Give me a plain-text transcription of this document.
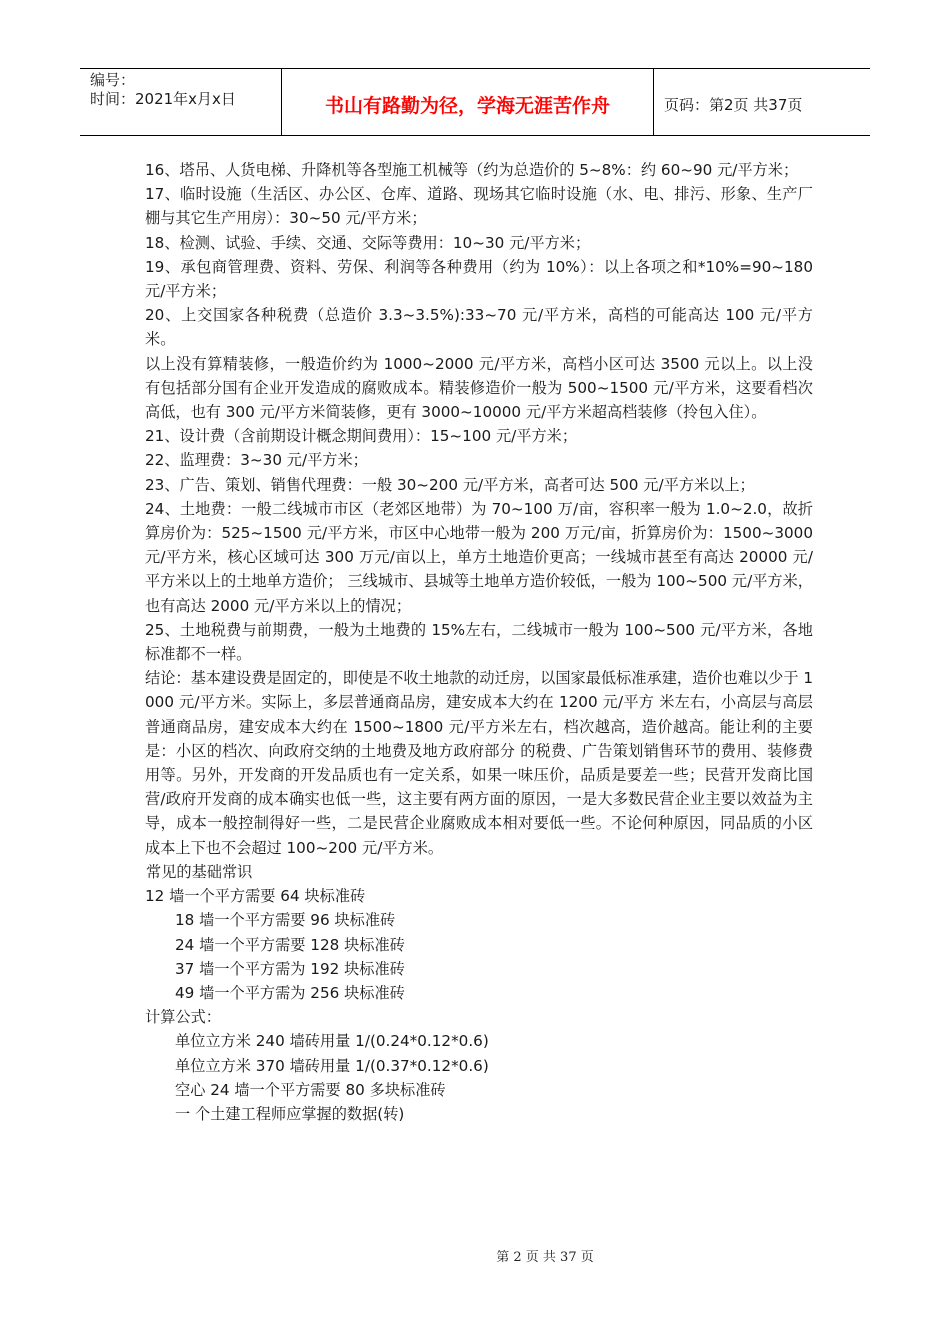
编号：
时间：2021年x月x日	书山有路勤为径，学海无涯苦作舟	页码：第2页 共37页

16、塔吊、人货电梯、升降机等各型施工机械等（约为总造价的 5~8%：约 60~90 元/平方米；

17、临时设施（生活区、办公区、仓库、道路、现场其它临时设施（水、电、排污、形象、生产厂棚与其它生产用房）：30~50 元/平方米；

18、检测、试验、手续、交通、交际等费用：10~30 元/平方米；

19、承包商管理费、资料、劳保、利润等各种费用（约为 10%）：以上各项之和*10%=90~180 元/平方米；

20、上交国家各种税费（总造价 3.3~3.5%):33~70 元/平方米，高档的可能高达 100 元/平方米。

以上没有算精装修，一般造价约为 1000~2000 元/平方米，高档小区可达 3500 元以上。以上没有包括部分国有企业开发造成的腐败成本。精装修造价一般为 500~1500 元/平方米，这要看档次高低，也有 300 元/平方米简装修，更有 3000~10000 元/平方米超高档装修（拎包入住）。

21、设计费（含前期设计概念期间费用）：15~100 元/平方米；

22、监理费：3~30 元/平方米；

23、广告、策划、销售代理费：一般 30~200 元/平方米，高者可达 500 元/平方米以上；

24、土地费：一般二线城市市区（老郊区地带）为 70~100 万/亩，容积率一般为 1.0~2.0，故折算房价为：525~1500 元/平方米，市区中心地带一般为 200 万元/亩，折算房价为：1500~3000 元/平方米，核心区域可达 300 万元/亩以上，单方土地造价更高；一线城市甚至有高达 20000 元/平方米以上的土地单方造价； 三线城市、县城等土地单方造价较低，一般为 100~500 元/平方米，也有高达 2000 元/平方米以上的情况；

25、土地税费与前期费，一般为土地费的 15%左右，二线城市一般为 100~500 元/平方米，各地标准都不一样。

结论：基本建设费是固定的，即使是不收土地款的动迁房，以国家最低标准承建，造价也难以少于 1000 元/平方米。实际上，多层普通商品房，建安成本大约在 1200 元/平方 米左右，小高层与高层普通商品房，建安成本大约在 1500~1800 元/平方米左右，档次越高，造价越高。能让利的主要是：小区的档次、向政府交纳的土地费及地方政府部分 的税费、广告策划销售环节的费用、装修费用等。另外，开发商的开发品质也有一定关系，如果一味压价，品质是要差一些；民营开发商比国营/政府开发商的成本确实也低一些，这主要有两方面的原因，一是大多数民营企业主要以效益为主导，成本一般控制得好一些，二是民营企业腐败成本相对要低一些。不论何种原因，同品质的小区成本上下也不会超过 100~200 元/平方米。

常见的基础常识

12 墙一个平方需要 64 块标准砖

18 墙一个平方需要 96 块标准砖

24 墙一个平方需要 128 块标准砖

37 墙一个平方需为 192 块标准砖

49 墙一个平方需为 256 块标准砖

计算公式：

单位立方米 240 墙砖用量 1/(0.24*0.12*0.6)

单位立方米 370 墙砖用量 1/(0.37*0.12*0.6)

空心 24 墙一个平方需要 80 多块标准砖

一 个土建工程师应掌握的数据(转)

第 2 页 共 37 页
